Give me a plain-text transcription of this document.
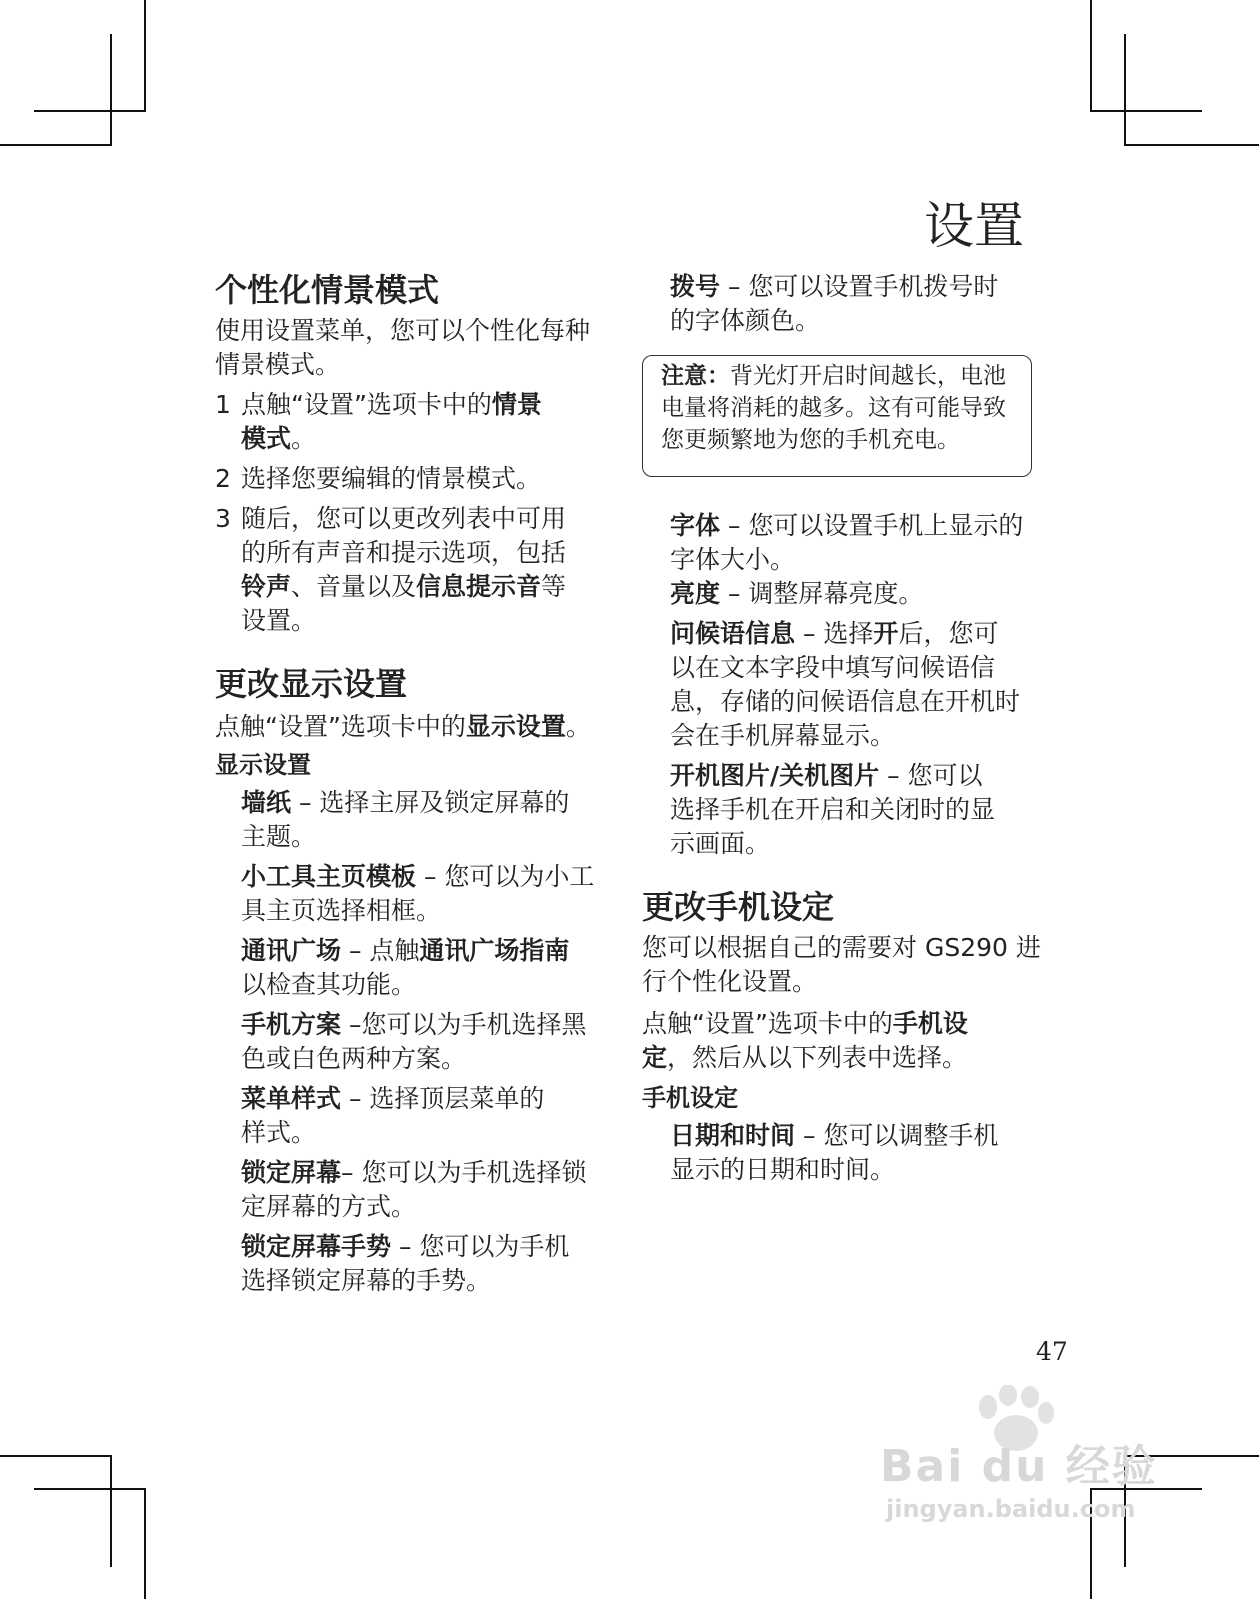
设置
个性化情景模式

使用设置菜单，您可以个性化每种

情景模式。

1 点触“设置”选项卡中的情景

模式。

2 选择您要编辑的情景模式。

3 随后，您可以更改列表中可用

的所有声音和提示选项，包括

铃声、音量以及信息提示音等

设置。

更改显示设置

点触“设置”选项卡中的显示设置。

显示设置

墙纸 – 选择主屏及锁定屏幕的

主题。

小工具主页模板 – 您可以为小工

具主页选择相框。

通讯广场 – 点触通讯广场指南

以检查其功能。

手机方案 –您可以为手机选择黑

色或白色两种方案。

菜单样式 – 选择顶层菜单的

样式。

锁定屏幕– 您可以为手机选择锁

定屏幕的方式。

锁定屏幕手势 – 您可以为手机

选择锁定屏幕的手势。

拨号 – 您可以设置手机拨号时

的字体颜色。

注意：背光灯开启时间越长，电池
电量将消耗的越多。这有可能导致
您更频繁地为您的手机充电。

字体 – 您可以设置手机上显示的

字体大小。

亮度 – 调整屏幕亮度。

问候语信息 – 选择开后，您可

以在文本字段中填写问候语信

息，存储的问候语信息在开机时

会在手机屏幕显示。

开机图片/关机图片 – 您可以

选择手机在开启和关闭时的显

示画面。

更改手机设定

您可以根据自己的需要对 GS290 进

行个性化设置。

点触“设置”选项卡中的手机设

定，然后从以下列表中选择。

手机设定

日期和时间 – 您可以调整手机

显示的日期和时间。

47
Bai du 经验
jingyan.baidu.com
